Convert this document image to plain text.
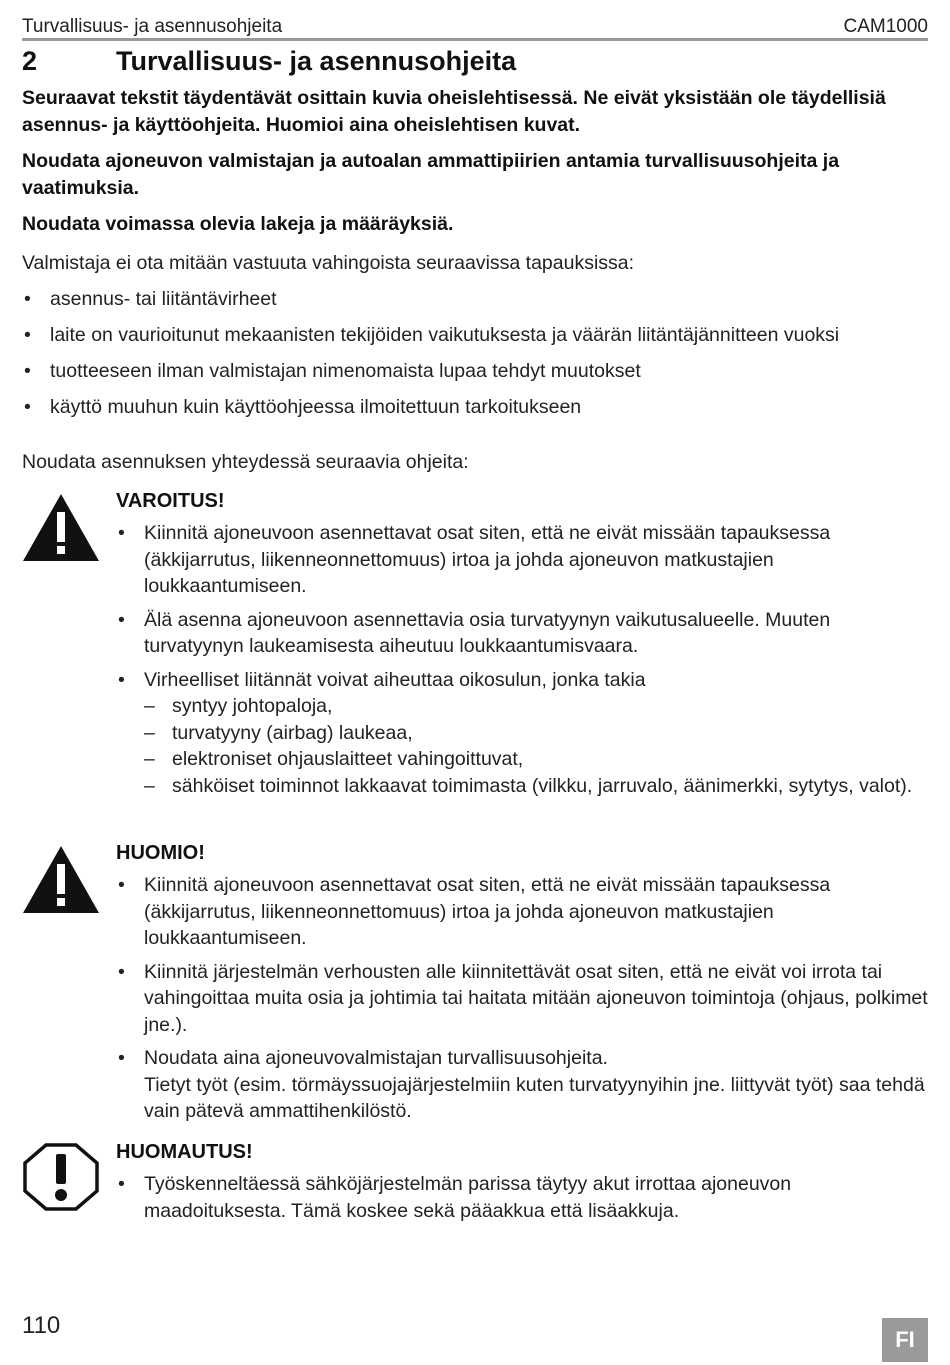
Turvallisuus- ja asennusohjeita	CAM1000
2	Turvallisuus- ja asennusohjeita

Seuraavat tekstit täydentävät osittain kuvia oheislehtisessä. Ne eivät yksistään ole täydellisiä asennus- ja käyttöohjeita. Huomioi aina oheislehtisen kuvat.

Noudata ajoneuvon valmistajan ja autoalan ammattipiirien antamia turvallisuusohjeita ja vaatimuksia.

Noudata voimassa olevia lakeja ja määräyksiä.

Valmistaja ei ota mitään vastuuta vahingoista seuraavissa tapauksissa:

• asennus- tai liitäntävirheet
• laite on vaurioitunut mekaanisten tekijöiden vaikutuksesta ja väärän liitäntäjännitteen vuoksi
• tuotteeseen ilman valmistajan nimenomaista lupaa tehdyt muutokset
• käyttö muuhun kuin käyttöohjeessa ilmoitettuun tarkoitukseen

Noudata asennuksen yhteydessä seuraavia ohjeita:

VAROITUS!

• Kiinnitä ajoneuvoon asennettavat osat siten, että ne eivät missään tapauksessa (äkkijarrutus, liikenneonnettomuus) irtoa ja johda ajoneuvon matkustajien loukkaantumiseen.
• Älä asenna ajoneuvoon asennettavia osia turvatyynyn vaikutusalueelle. Muuten turvatyynyn laukeamisesta aiheutuu loukkaantumisvaara.
• Virheelliset liitännät voivat aiheuttaa oikosulun, jonka takia
– syntyy johtopaloja,
– turvatyyny (airbag) laukeaa,
– elektroniset ohjauslaitteet vahingoittuvat,
– sähköiset toiminnot lakkaavat toimimasta (vilkku, jarruvalo, äänimerkki, sytytys, valot).

HUOMIO!

• Kiinnitä ajoneuvoon asennettavat osat siten, että ne eivät missään tapauksessa (äkkijarrutus, liikenneonnettomuus) irtoa ja johda ajoneuvon matkustajien loukkaantumiseen.
• Kiinnitä järjestelmän verhousten alle kiinnitettävät osat siten, että ne eivät voi irrota tai vahingoittaa muita osia ja johtimia tai haitata mitään ajoneuvon toimintoja (ohjaus, polkimet jne.).
• Noudata aina ajoneuvovalmistajan turvallisuusohjeita.
Tietyt työt (esim. törmäyssuojajärjestelmiin kuten turvatyynyihin jne. liittyvät työt) saa tehdä vain pätevä ammattihenkilöstö.

HUOMAUTUS!

• Työskenneltäessä sähköjärjestelmän parissa täytyy akut irrottaa ajoneuvon maadoituksesta. Tämä koskee sekä pääakkua että lisäakkuja.
110
FI
